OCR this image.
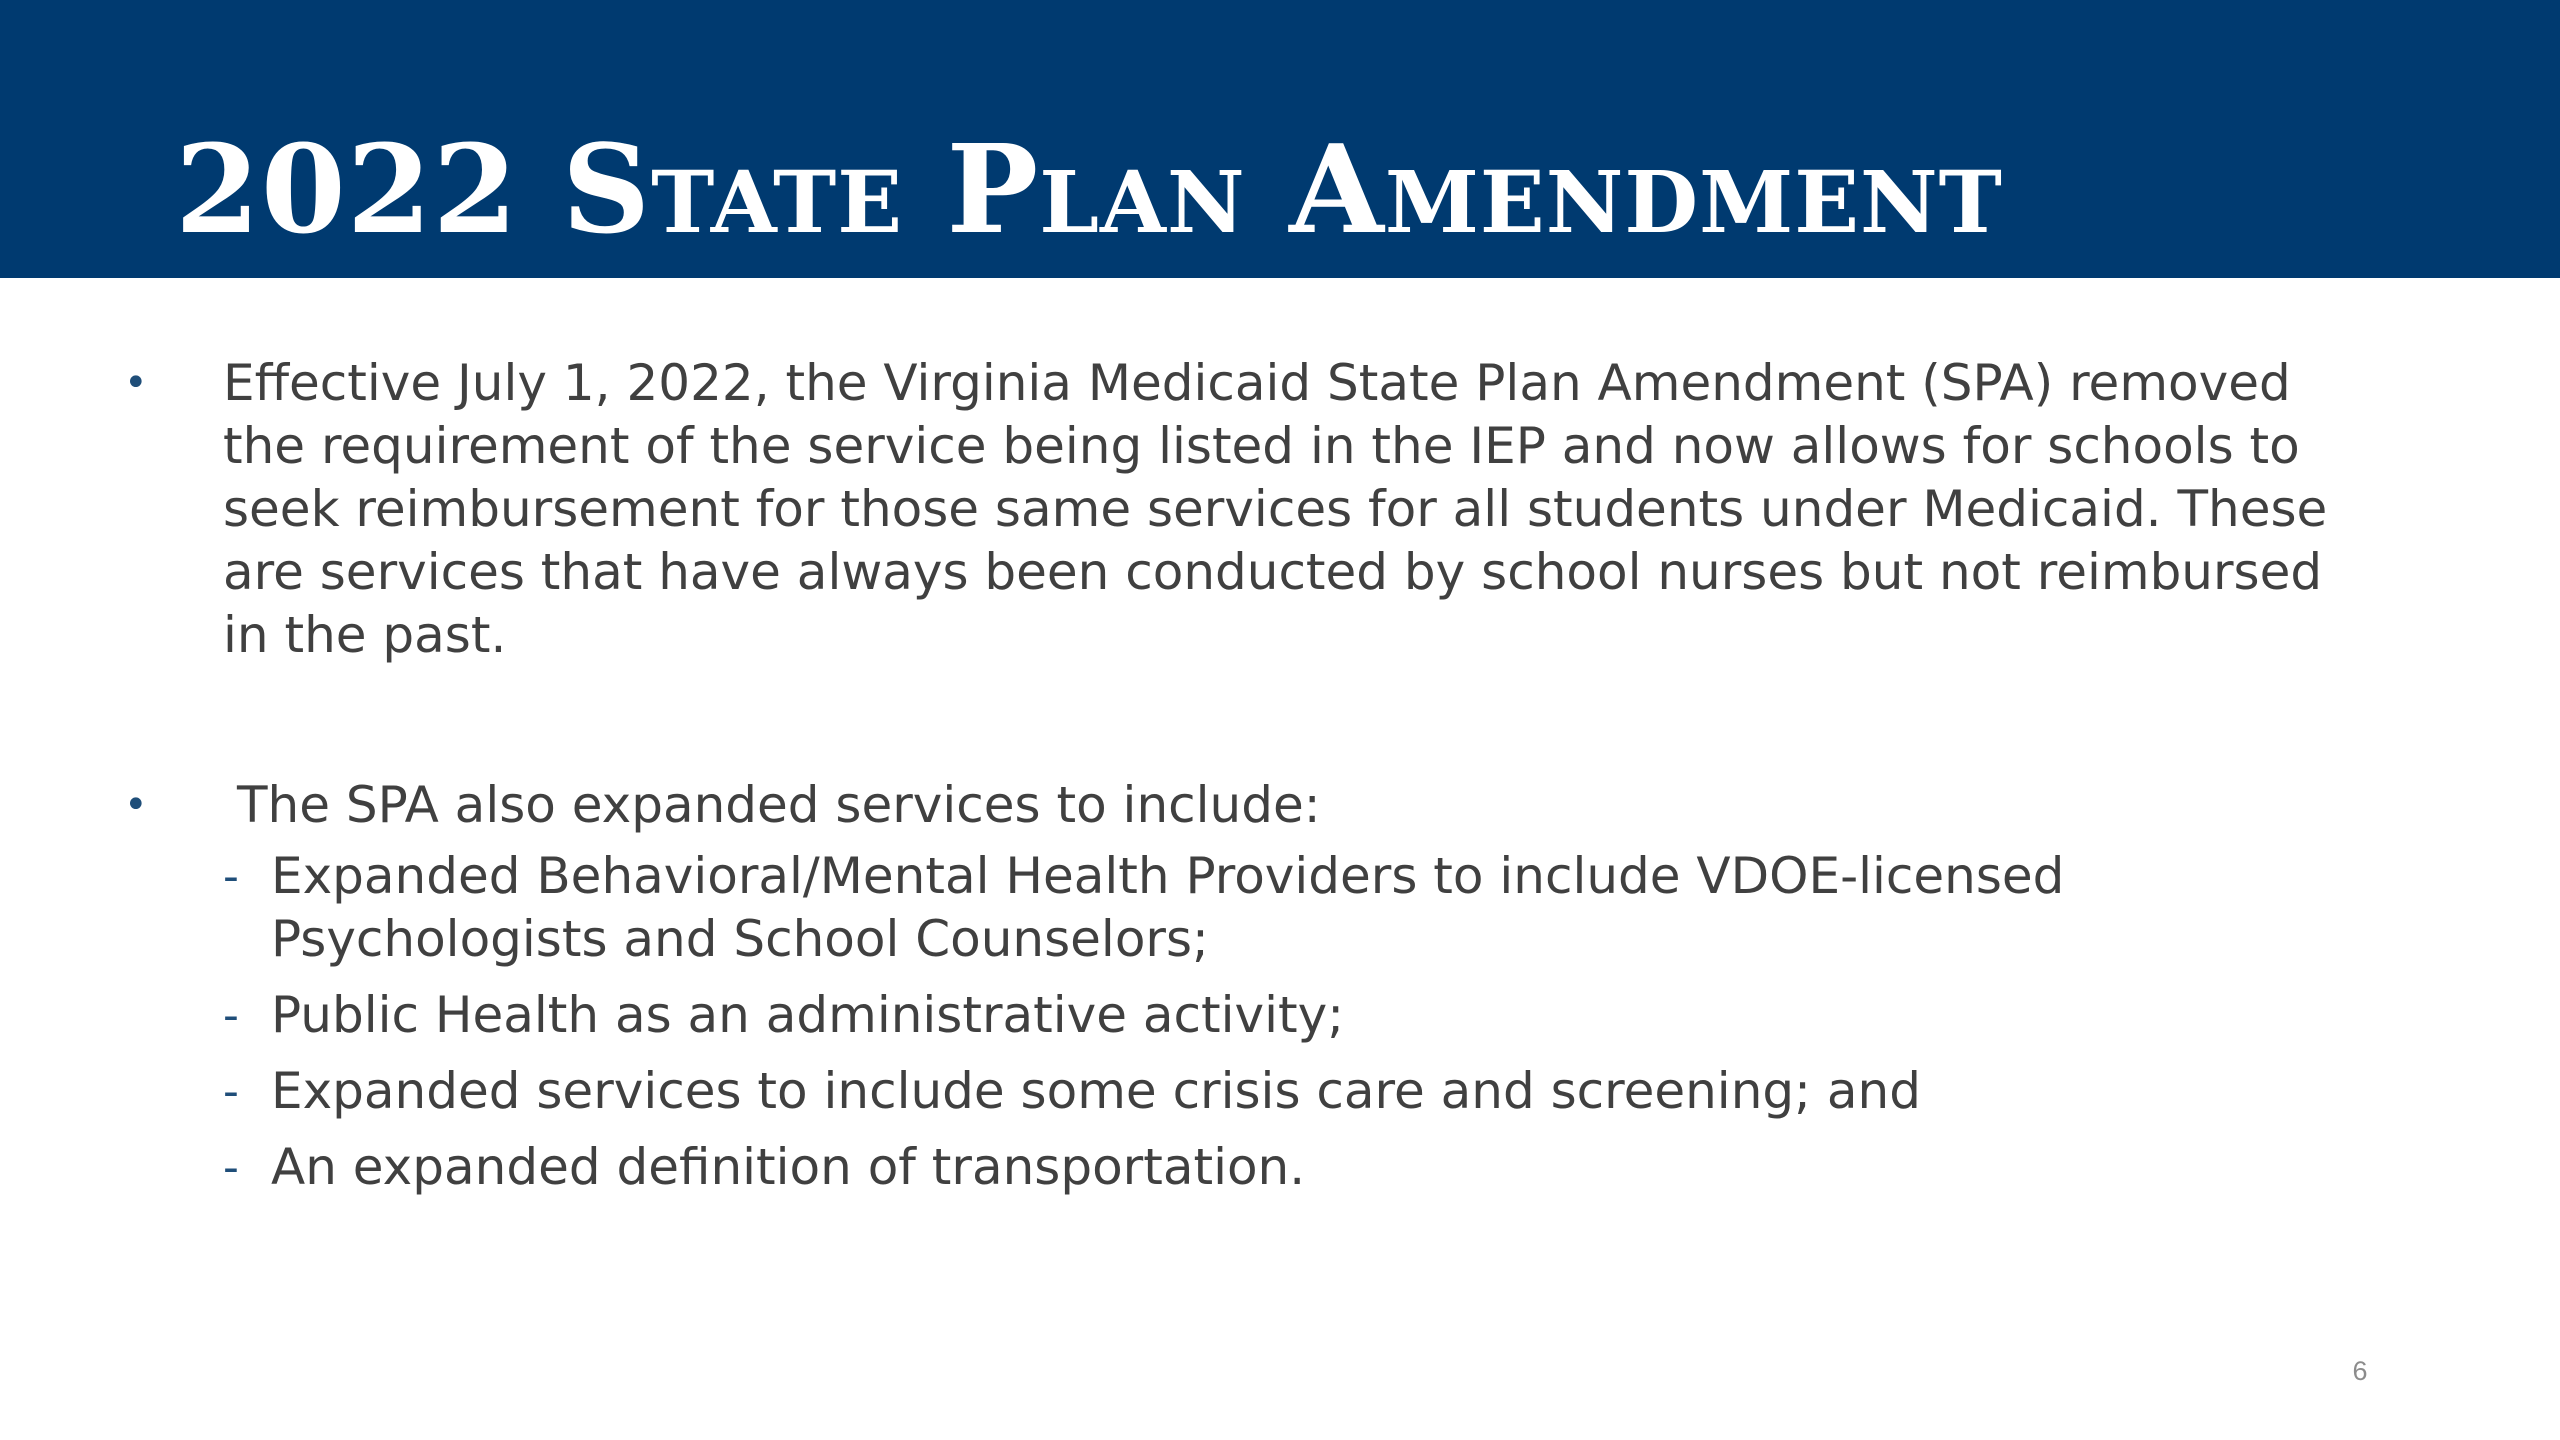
2022 State Plan Amendment
• Effective July 1, 2022, the Virginia Medicaid State Plan Amendment (SPA) removed the requirement of the service being listed in the IEP and now allows for schools to seek reimbursement for those same services for all students under Medicaid. These are services that have always been conducted by school nurses but not reimbursed in the past.

• The SPA also expanded services to include:

- Expanded Behavioral/Mental Health Providers to include VDOE-licensed Psychologists and School Counselors;
- Public Health as an administrative activity;
- Expanded services to include some crisis care and screening; and
- An expanded definition of transportation.
6
